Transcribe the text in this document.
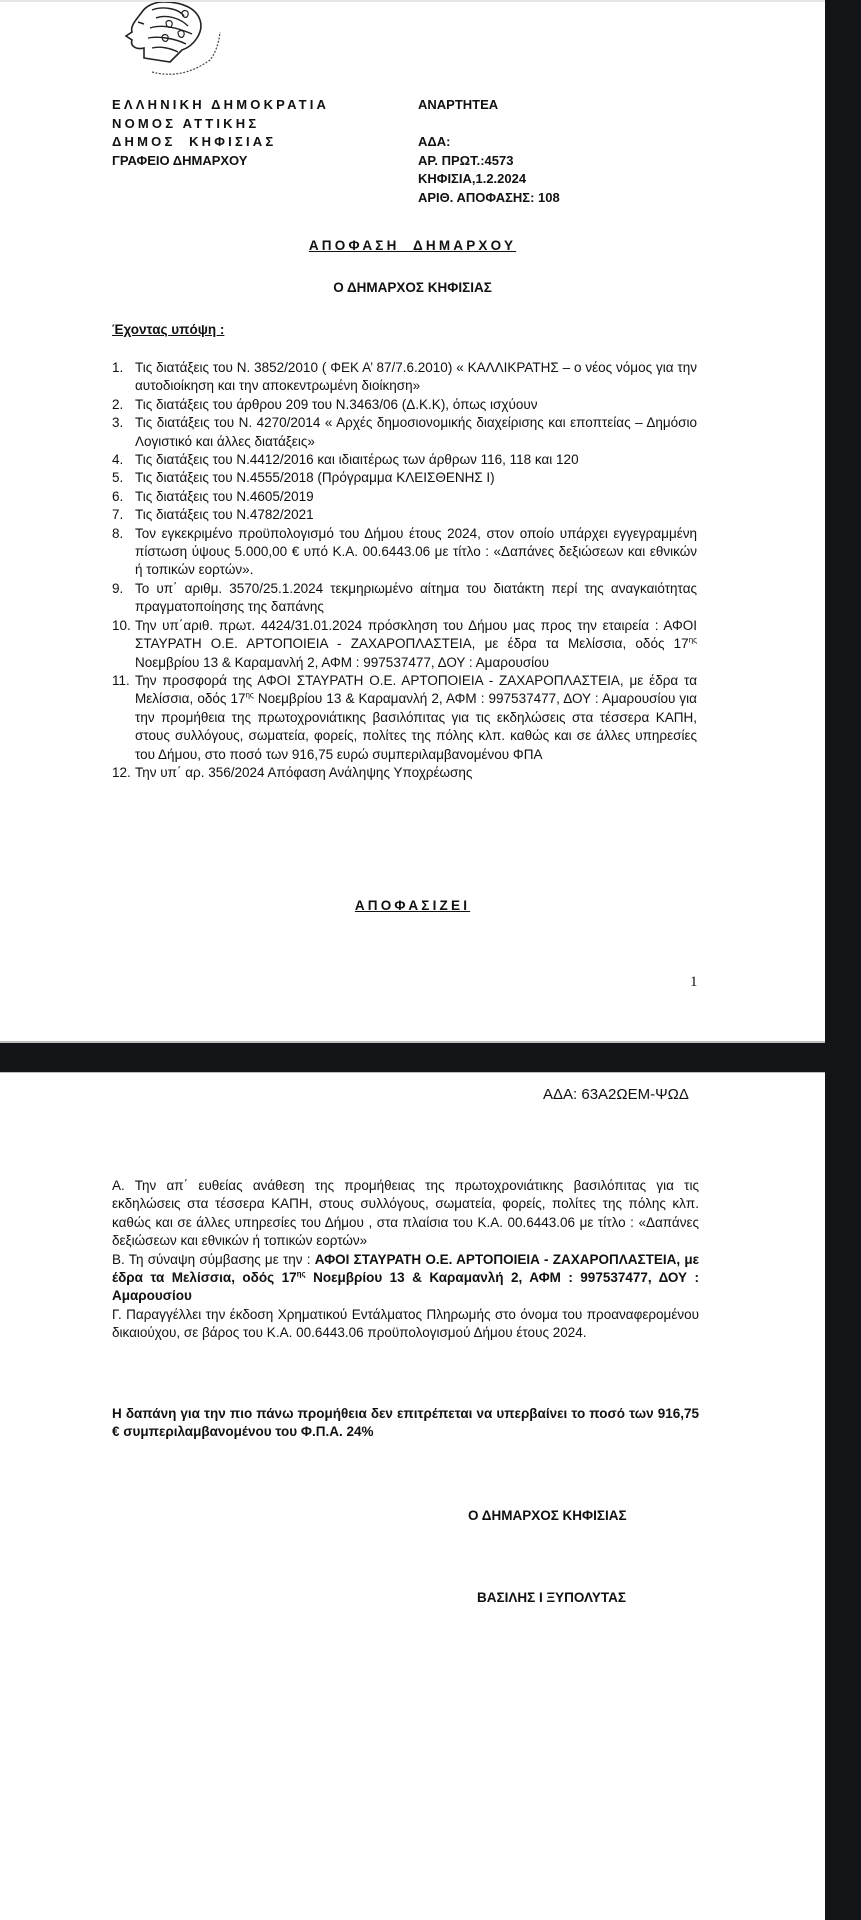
ΕΛΛΗΝΙΚΗ ΔΗΜΟΚΡΑΤΙΑ
ΝΟΜΟΣ ΑΤΤΙΚΗΣ
ΔΗΜΟΣ  ΚΗΦΙΣΙΑΣ
ΓΡΑΦΕΙΟ ΔΗΜΑΡΧΟΥ
ΑΝΑΡΤΗΤΕΑ
ΑΔΑ:
ΑΡ. ΠΡΩΤ.:4573
ΚΗΦΙΣΙΑ,1.2.2024
ΑΡΙΘ. ΑΠΟΦΑΣΗΣ: 108
ΑΠΟΦΑΣΗ  ΔΗΜΑΡΧΟΥ
Ο ΔΗΜΑΡΧΟΣ ΚΗΦΙΣΙΑΣ
Έχοντας υπόψη :
1. Τις διατάξεις του Ν. 3852/2010 ( ΦΕΚ Α’ 87/7.6.2010) « ΚΑΛΛΙΚΡΑΤΗΣ – ο νέος νόμος για την αυτοδιοίκηση και την αποκεντρωμένη διοίκηση»
2. Τις διατάξεις του άρθρου 209 του Ν.3463/06 (Δ.Κ.Κ), όπως ισχύουν
3. Τις διατάξεις του Ν. 4270/2014 « Αρχές δημοσιονομικής διαχείρισης και εποπτείας – Δημόσιο Λογιστικό και άλλες διατάξεις»
4. Τις διατάξεις του Ν.4412/2016 και ιδιαιτέρως των άρθρων 116, 118 και 120
5. Τις διατάξεις του Ν.4555/2018 (Πρόγραμμα ΚΛΕΙΣΘΕΝΗΣ Ι)
6. Τις διατάξεις του Ν.4605/2019
7. Τις διατάξεις του Ν.4782/2021
8. Τον εγκεκριμένο προϋπολογισμό του Δήμου έτους 2024, στον οποίο υπάρχει εγγεγραμμένη πίστωση ύψους 5.000,00 € υπό Κ.Α. 00.6443.06 με τίτλο : «Δαπάνες δεξιώσεων και εθνικών ή τοπικών εορτών».
9. Το υπ΄ αριθμ. 3570/25.1.2024 τεκμηριωμένο αίτημα του διατάκτη περί της αναγκαιότητας πραγματοποίησης της δαπάνης
10. Την υπ΄αριθ. πρωτ. 4424/31.01.2024 πρόσκληση του Δήμου μας προς την εταιρεία : ΑΦΟΙ ΣΤΑΥΡΑΤΗ Ο.Ε. ΑΡΤΟΠΟΙΕΙΑ - ΖΑΧΑΡΟΠΛΑΣΤΕΙΑ, με έδρα τα Μελίσσια, οδός $17^{\eta\varsigma}$ Νοεμβρίου 13 & Καραμανλή 2, ΑΦΜ : 997537477, ΔΟΥ : Αμαρουσίου
11. Την προσφορά της ΑΦΟΙ ΣΤΑΥΡΑΤΗ Ο.Ε. ΑΡΤΟΠΟΙΕΙΑ - ΖΑΧΑΡΟΠΛΑΣΤΕΙΑ, με έδρα τα Μελίσσια, οδός $17^{\eta\varsigma}$ Νοεμβρίου 13 & Καραμανλή 2, ΑΦΜ : 997537477, ΔΟΥ : Αμαρουσίου για την προμήθεια της πρωτοχρονιάτικης βασιλόπιτας για τις εκδηλώσεις στα τέσσερα ΚΑΠΗ, στους συλλόγους, σωματεία, φορείς, πολίτες της πόλης κλπ. καθώς και σε άλλες υπηρεσίες του Δήμου, στο ποσό των 916,75 ευρώ συμπεριλαμβανομένου ΦΠΑ
12. Την υπ΄ αρ. 356/2024 Απόφαση Ανάληψης Υποχρέωσης
ΑΠΟΦΑΣΙΖΕΙ
1
ΑΔΑ: 63Α2ΩΕΜ-ΨΩΔ

Α. Την απ΄ ευθείας ανάθεση της προμήθειας της πρωτοχρονιάτικης βασιλόπιτας για τις εκδηλώσεις στα τέσσερα ΚΑΠΗ, στους συλλόγους, σωματεία, φορείς, πολίτες της πόλης κλπ. καθώς και σε άλλες υπηρεσίες του Δήμου , στα πλαίσια του Κ.Α. 00.6443.06 με τίτλο : «Δαπάνες δεξιώσεων και εθνικών ή τοπικών εορτών»

Β. Τη σύναψη σύμβασης με την : ΑΦΟΙ ΣΤΑΥΡΑΤΗ Ο.Ε. ΑΡΤΟΠΟΙΕΙΑ - ΖΑΧΑΡΟΠΛΑΣΤΕΙΑ, με έδρα τα Μελίσσια, οδός $17^{\eta\varsigma}$ Νοεμβρίου 13 & Καραμανλή 2, ΑΦΜ : 997537477, ΔΟΥ : Αμαρουσίου

Γ. Παραγγέλλει την έκδοση Χρηματικού Εντάλματος Πληρωμής στο όνομα του προαναφερομένου δικαιούχου, σε βάρος του Κ.Α. 00.6443.06 προϋπολογισμού Δήμου έτους 2024.

Η δαπάνη για την πιο πάνω προμήθεια δεν επιτρέπεται να υπερβαίνει το ποσό των 916,75 € συμπεριλαμβανομένου του Φ.Π.Α. 24%
Ο ΔΗΜΑΡΧΟΣ ΚΗΦΙΣΙΑΣ
ΒΑΣΙΛΗΣ Ι ΞΥΠΟΛΥΤΑΣ
